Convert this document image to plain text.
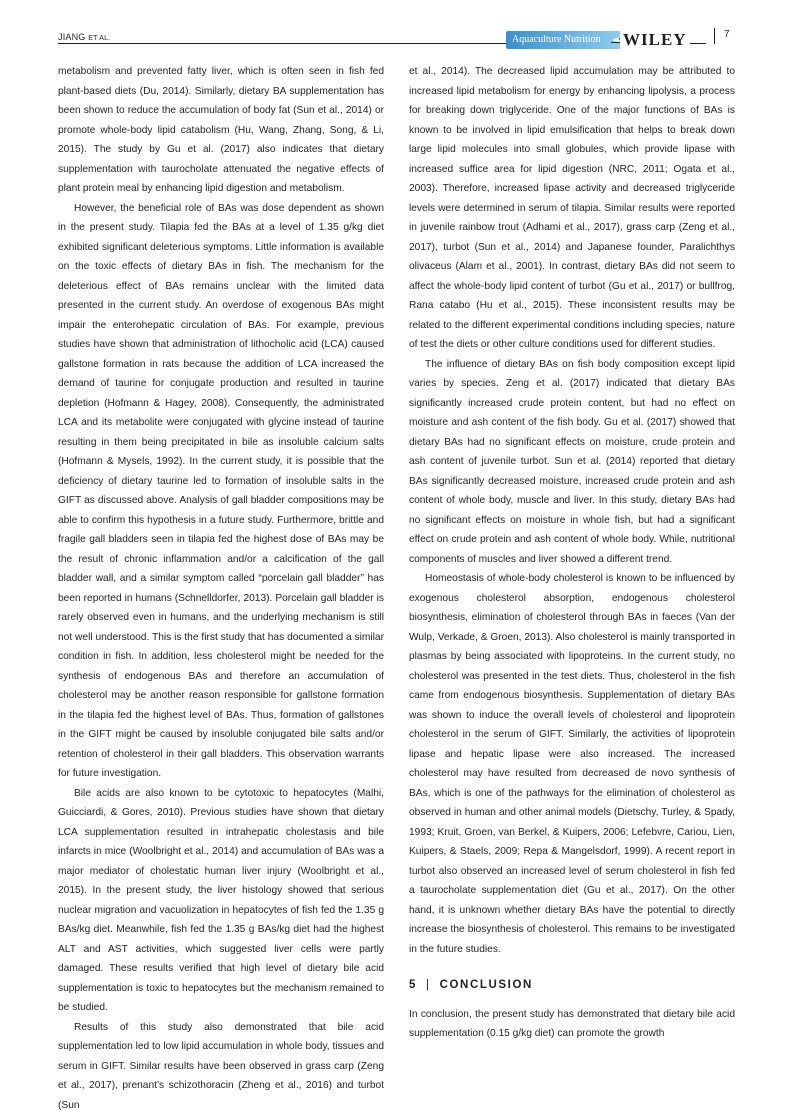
JIANG ET AL.	Aquaculture Nutrition WILEY	7

metabolism and prevented fatty liver, which is often seen in fish fed plant‐based diets (Du, 2014). Similarly, dietary BA supplementation has been shown to reduce the accumulation of body fat (Sun et al., 2014) or promote whole‐body lipid catabolism (Hu, Wang, Zhang, Song, & Li, 2015). The study by Gu et al. (2017) also indicates that dietary supplementation with taurocholate attenuated the negative effects of plant protein meal by enhancing lipid digestion and metabolism.

However, the beneficial role of BAs was dose dependent as shown in the present study. Tilapia fed the BAs at a level of 1.35 g/kg diet exhibited significant deleterious symptoms. Little information is available on the toxic effects of dietary BAs in fish. The mechanism for the deleterious effect of BAs remains unclear with the limited data presented in the current study. An overdose of exogenous BAs might impair the enterohepatic circulation of BAs. For example, previous studies have shown that administration of lithocholic acid (LCA) caused gallstone formation in rats because the addition of LCA increased the demand of taurine for conjugate production and resulted in taurine depletion (Hofmann & Hagey, 2008). Consequently, the administrated LCA and its metabolite were conjugated with glycine instead of taurine resulting in them being precipitated in bile as insoluble calcium salts (Hofmann & Mysels, 1992). In the current study, it is possible that the deficiency of dietary taurine led to formation of insoluble salts in the GIFT as discussed above. Analysis of gall bladder compositions may be able to confirm this hypothesis in a future study. Furthermore, brittle and fragile gall bladders seen in tilapia fed the highest dose of BAs may be the result of chronic inflammation and/or a calcification of the gall bladder wall, and a similar symptom called “porcelain gall bladder” has been reported in humans (Schnelldorfer, 2013). Porcelain gall bladder is rarely observed even in humans, and the underlying mechanism is still not well understood. This is the first study that has documented a similar condition in fish. In addition, less cholesterol might be needed for the synthesis of endogenous BAs and therefore an accumulation of cholesterol may be another reason responsible for gallstone formation in the tilapia fed the highest level of BAs. Thus, formation of gallstones in the GIFT might be caused by insoluble conjugated bile salts and/or retention of cholesterol in their gall bladders. This observation warrants for future investigation.

Bile acids are also known to be cytotoxic to hepatocytes (Malhi, Guicciardi, & Gores, 2010). Previous studies have shown that dietary LCA supplementation resulted in intrahepatic cholestasis and bile infarcts in mice (Woolbright et al., 2014) and accumulation of BAs was a major mediator of cholestatic human liver injury (Woolbright et al., 2015). In the present study, the liver histology showed that serious nuclear migration and vacuolization in hepatocytes of fish fed the 1.35 g BAs/kg diet. Meanwhile, fish fed the 1.35 g BAs/kg diet had the highest ALT and AST activities, which suggested liver cells were partly damaged. These results verified that high level of dietary bile acid supplementation is toxic to hepatocytes but the mechanism remained to be studied.

Results of this study also demonstrated that bile acid supplementation led to low lipid accumulation in whole body, tissues and serum in GIFT. Similar results have been observed in grass carp (Zeng et al., 2017), prenant’s schizothoracin (Zheng et al., 2016) and turbot (Sun

et al., 2014). The decreased lipid accumulation may be attributed to increased lipid metabolism for energy by enhancing lipolysis, a process for breaking down triglyceride. One of the major functions of BAs is known to be involved in lipid emulsification that helps to break down large lipid molecules into small globules, which provide lipase with increased suffice area for lipid digestion (NRC, 2011; Ogata et al., 2003). Therefore, increased lipase activity and decreased triglyceride levels were determined in serum of tilapia. Similar results were reported in juvenile rainbow trout (Adhami et al., 2017), grass carp (Zeng et al., 2017), turbot (Sun et al., 2014) and Japanese founder, Paralichthys olivaceus (Alam et al., 2001). In contrast, dietary BAs did not seem to affect the whole‐body lipid content of turbot (Gu et al., 2017) or bullfrog, Rana catabo (Hu et al., 2015). These inconsistent results may be related to the different experimental conditions including species, nature of test the diets or other culture conditions used for different studies.

The influence of dietary BAs on fish body composition except lipid varies by species. Zeng et al. (2017) indicated that dietary BAs significantly increased crude protein content, but had no effect on moisture and ash content of the fish body. Gu et al. (2017) showed that dietary BAs had no significant effects on moisture, crude protein and ash content of juvenile turbot. Sun et al. (2014) reported that dietary BAs significantly decreased moisture, increased crude protein and ash content of whole body, muscle and liver. In this study, dietary BAs had no significant effects on moisture in whole fish, but had a significant effect on crude protein and ash content of whole body. While, nutritional components of muscles and liver showed a different trend.

Homeostasis of whole‐body cholesterol is known to be influenced by exogenous cholesterol absorption, endogenous cholesterol biosynthesis, elimination of cholesterol through BAs in faeces (Van der Wulp, Verkade, & Groen, 2013). Also cholesterol is mainly transported in plasmas by being associated with lipoproteins. In the current study, no cholesterol was presented in the test diets. Thus, cholesterol in the fish came from endogenous biosynthesis. Supplementation of dietary BAs was shown to induce the overall levels of cholesterol and lipoprotein cholesterol in the serum of GIFT. Similarly, the activities of lipoprotein lipase and hepatic lipase were also increased. The increased cholesterol may have resulted from decreased de novo synthesis of BAs, which is one of the pathways for the elimination of cholesterol as observed in human and other animal models (Dietschy, Turley, & Spady, 1993; Kruit, Groen, van Berkel, & Kuipers, 2006; Lefebvre, Cariou, Lien, Kuipers, & Staels, 2009; Repa & Mangelsdorf, 1999). A recent report in turbot also observed an increased level of serum cholesterol in fish fed a taurocholate supplementation diet (Gu et al., 2017). On the other hand, it is unknown whether dietary BAs have the potential to directly increase the biosynthesis of cholesterol. This remains to be investigated in the future studies.

5 | CONCLUSION

In conclusion, the present study has demonstrated that dietary bile acid supplementation (0.15 g/kg diet) can promote the growth
